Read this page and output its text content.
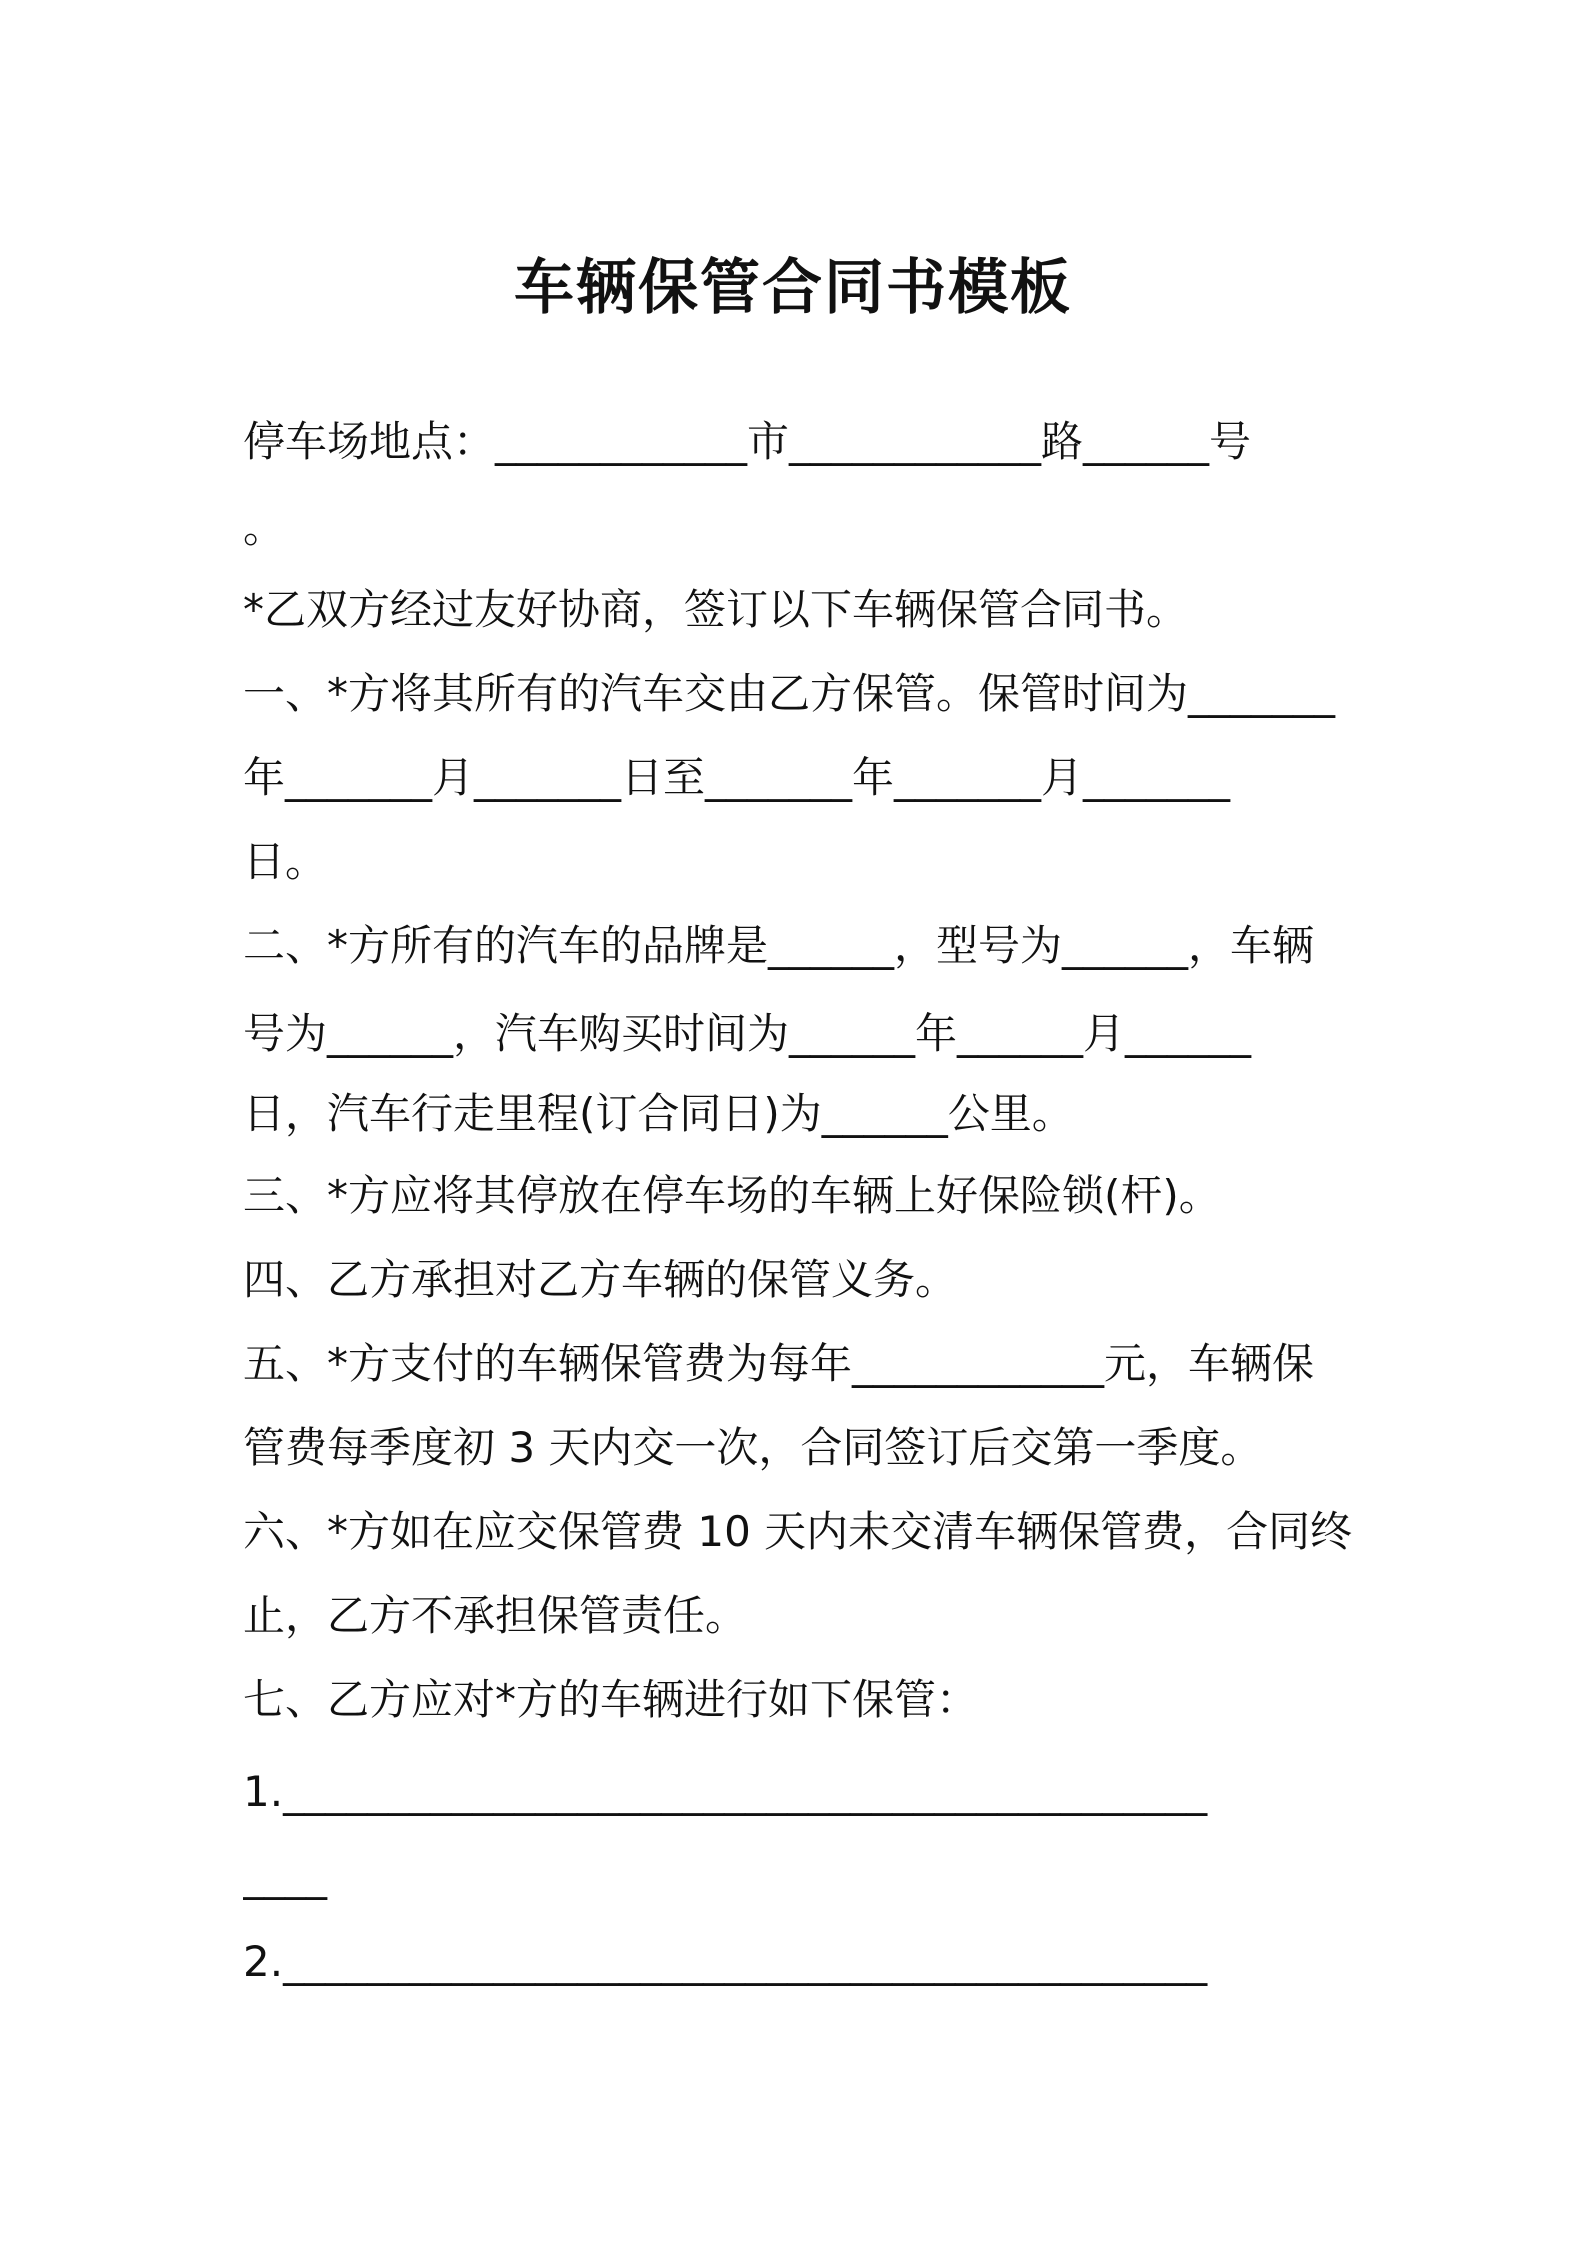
车辆保管合同书模板
停车场地点：____________市____________路______号
。
*乙双方经过友好协商，签订以下车辆保管合同书。
一、*方将其所有的汽车交由乙方保管。保管时间为_______
年_______月_______日至_______年_______月_______
日。
二、*方所有的汽车的品牌是______，型号为______，车辆
号为______，汽车购买时间为______年______月______
日，汽车行走里程(订合同日)为______公里。
三、*方应将其停放在停车场的车辆上好保险锁(杆)。
四、乙方承担对乙方车辆的保管义务。
五、*方支付的车辆保管费为每年____________元，车辆保
管费每季度初 3 天内交一次，合同签订后交第一季度。
六、*方如在应交保管费 10 天内未交清车辆保管费，合同终
止，乙方不承担保管责任。
七、乙方应对*方的车辆进行如下保管：
1.____________________________________________
____
2.____________________________________________
